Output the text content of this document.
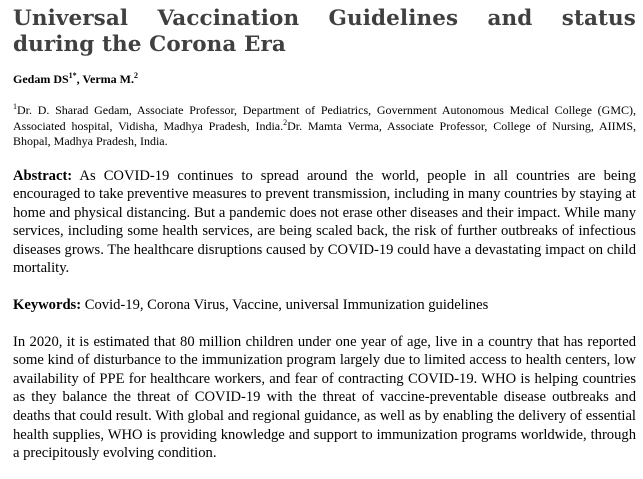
Universal Vaccination Guidelines and status during the Corona Era
Gedam $DS^{1*}$, Verma M.$^2$
$^1$Dr. D. Sharad Gedam, Associate Professor, Department of Pediatrics, Government Autonomous Medical College (GMC), Associated hospital, Vidisha, Madhya Pradesh, India.$^2$Dr. Mamta Verma, Associate Professor, College of Nursing, AIIMS, Bhopal, Madhya Pradesh, India.
Abstract: As COVID-19 continues to spread around the world, people in all countries are being encouraged to take preventive measures to prevent transmission, including in many countries by staying at home and physical distancing. But a pandemic does not erase other diseases and their impact. While many services, including some health services, are being scaled back, the risk of further outbreaks of infectious diseases grows. The healthcare disruptions caused by COVID-19 could have a devastating impact on child mortality.
Keywords: Covid-19, Corona Virus, Vaccine, universal Immunization guidelines
In 2020, it is estimated that 80 million children under one year of age, live in a country that has reported some kind of disturbance to the immunization program largely due to limited access to health centers, low availability of PPE for healthcare workers, and fear of contracting COVID-19. WHO is helping countries as they balance the threat of COVID-19 with the threat of vaccine-preventable disease outbreaks and deaths that could result. With global and regional guidance, as well as by enabling the delivery of essential health supplies, WHO is providing knowledge and support to immunization programs worldwide, through a precipitously evolving condition.
